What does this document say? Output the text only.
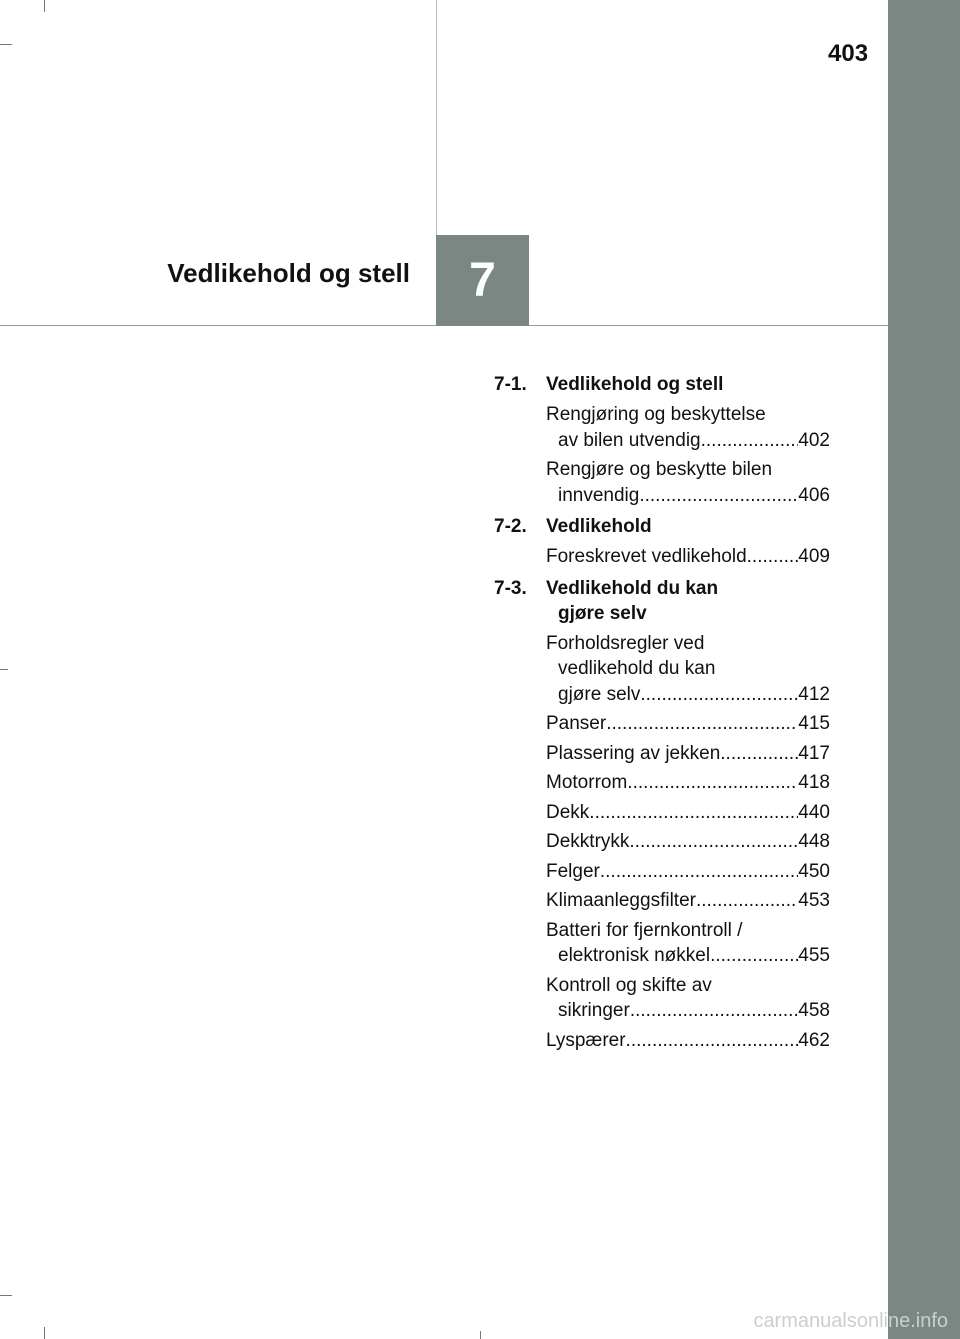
7
Vedlikehold og stell
403
carmanualsonline.info
7-1. Vedlikehold og stell
Rengjøring og beskyttelse
av bilen utvendig .....	402
Rengjøre og beskytte bilen
innvendig .....	406
7-2. Vedlikehold
Foreskrevet vedlikehold .....	409
7-3. Vedlikehold du kan
gjøre selv
Forholdsregler ved
vedlikehold du kan
gjøre selv .....	412
Panser .....	415
Plassering av jekken .....	417
Motorrom .....	418
Dekk .....	440
Dekktrykk .....	448
Felger .....	450
Klimaanleggsfilter .....	453
Batteri for fjernkontroll /
elektronisk nøkkel .....	455
Kontroll og skifte av
sikringer .....	458
Lyspærer .....	462
